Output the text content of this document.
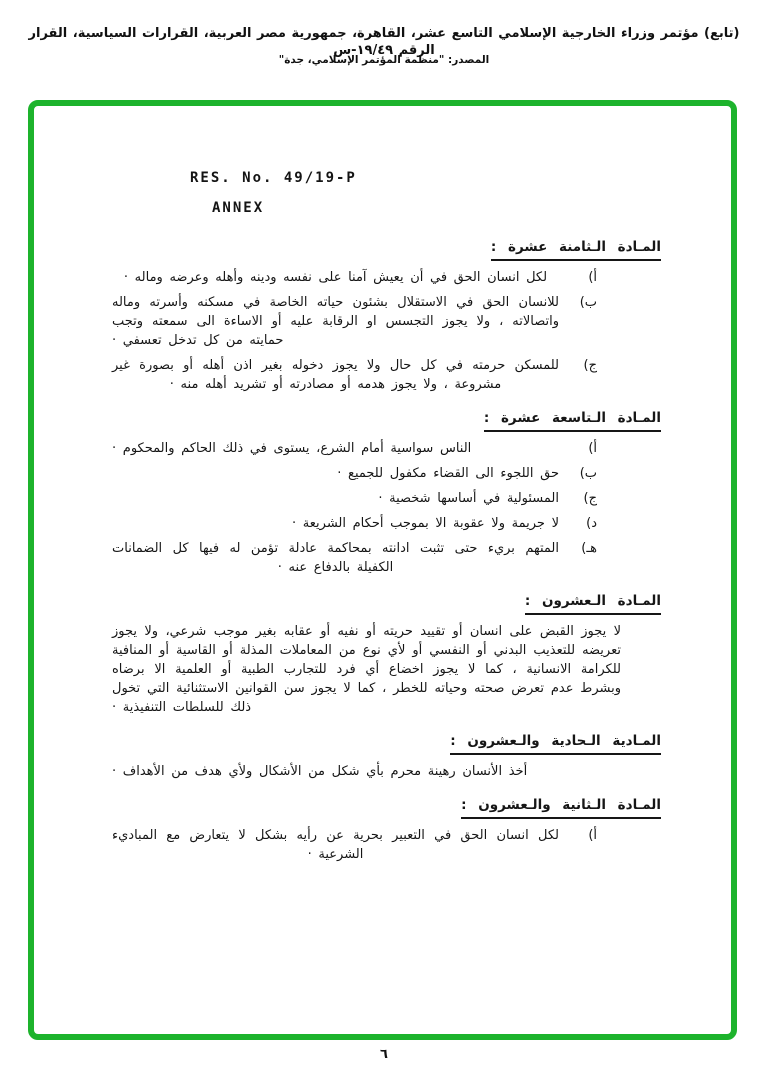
(تابع) مؤتمر وزراء الخارجية الإسلامي التاسع عشر، القاهرة، جمهورية مصر العربية، القرارات السياسية، القرار الرقم ١٩/٤٩-س
المصدر: "منظمة المؤتمر الإسلامي، جدة"
RES. No. 49/19-P
ANNEX
المـادة الـثامنة عشرة :
أ)

لكل انسان الحق في أن يعيش آمنا على نفسه ودينه وأهله وعرضه وماله ·

ب)

للانسان الحق في الاستقلال بشئون حياته الخاصة في مسكنه وأسرته وماله واتصالاته ، ولا يجوز التجسس او الرقابة عليه أو الاساءة الى سمعته وتجب حمايته من كل تدخل تعسفي ·

ج)

للمسكن حرمته في كل حال ولا يجوز دخوله بغير اذن أهله أو بصورة غير مشروعة ، ولا يجوز هدمه أو مصادرته أو تشريد أهله منه ·

المـادة الـتاسعة عشرة :
أ)

الناس سواسية أمام الشرع، يستوى في ذلك الحاكم والمحكوم ·

ب)

حق اللجوء الى القضاء مكفول للجميع ·

ج)

المسئولية في أساسها شخصية ·

د)

لا جريمة ولا عقوبة الا بموجب أحكام الشريعة ·

هـ)

المتهم بريء حتى تثبت ادانته بمحاكمة عادلة تؤمن له فيها كل الضمانات الكفيلة بالدفاع عنه ·

المـادة الـعشرون :

لا يجوز القبض على انسان أو تقييد حريته أو نفيه أو عقابه بغير موجب شرعي، ولا يجوز تعريضه للتعذيب البدني أو النفسي أو لأي نوع من المعاملات المذلة أو القاسية أو المنافية للكرامة الانسانية ، كما لا يجوز اخضاع أي فرد للتجارب الطبية أو العلمية الا برضاه وبشرط عدم تعرض صحته وحياته للخطر ، كما لا يجوز سن القوانين الاستثنائية التي تخول ذلك للسلطات التنفيذية ·

المـادية الـحادية والـعشرون :

أخذ الأنسان رهينة محرم بأي شكل من الأشكال ولأي هدف من الأهداف ·

المـادة الـثانية والـعشرون :
أ)

لكل انسان الحق في التعبير بحرية عن رأيه بشكل لا يتعارض مع المباديء الشرعية ·

٦
